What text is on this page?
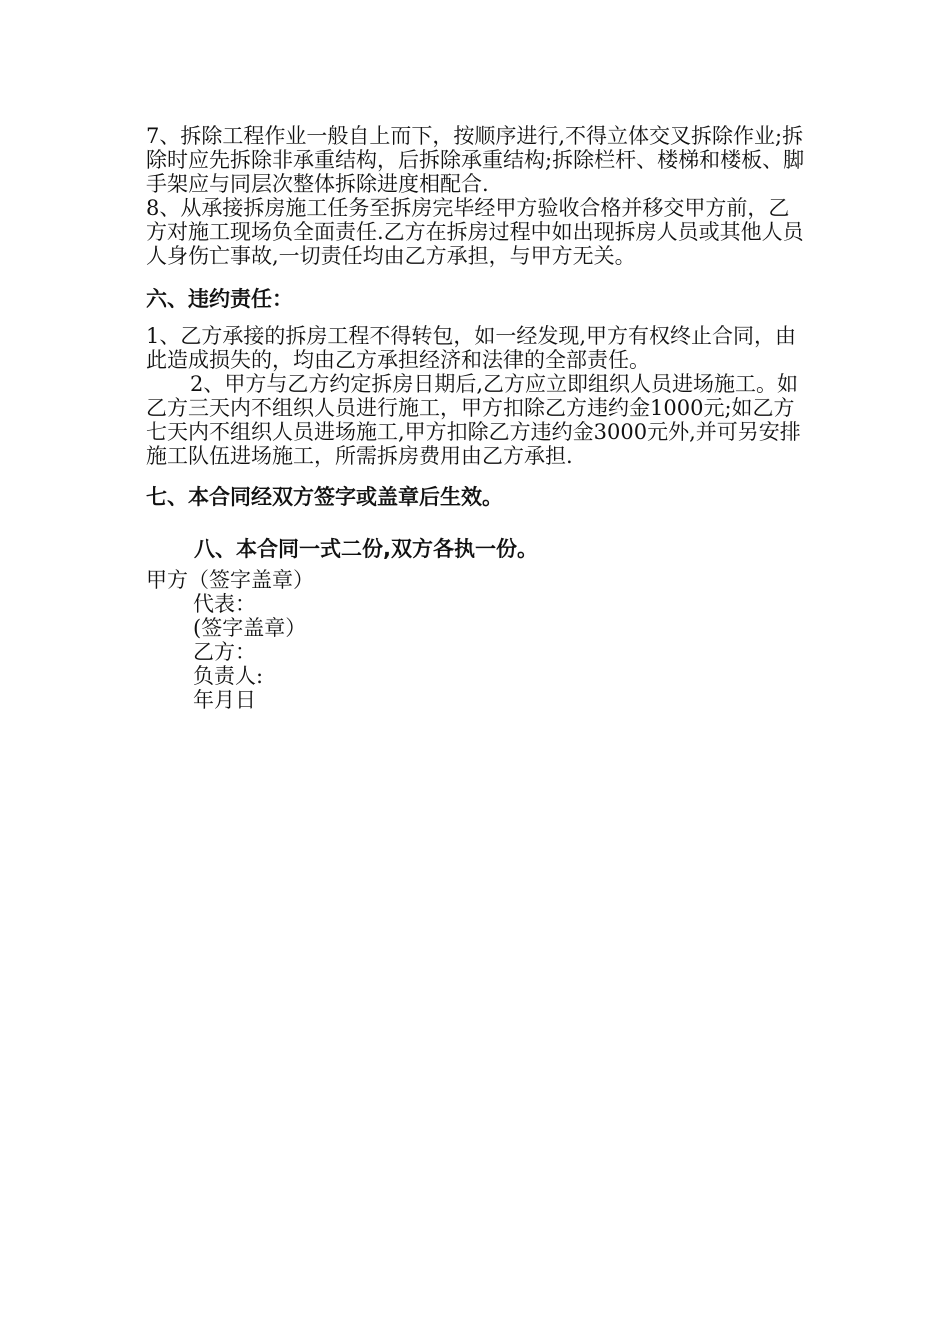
7、拆除工程作业一般自上而下，按顺序进行,不得立体交叉拆除作业;拆除时应先拆除非承重结构，后拆除承重结构;拆除栏杆、楼梯和楼板、脚手架应与同层次整体拆除进度相配合.

8、从承接拆房施工任务至拆房完毕经甲方验收合格并移交甲方前，乙方对施工现场负全面责任.乙方在拆房过程中如出现拆房人员或其他人员人身伤亡事故,一切责任均由乙方承担，与甲方无关。

六、违约责任：

1、乙方承接的拆房工程不得转包，如一经发现,甲方有权终止合同，由此造成损失的，均由乙方承担经济和法律的全部责任。

2、甲方与乙方约定拆房日期后,乙方应立即组织人员进场施工。如乙方三天内不组织人员进行施工，甲方扣除乙方违约金1000元;如乙方七天内不组织人员进场施工,甲方扣除乙方违约金3000元外,并可另安排施工队伍进场施工，所需拆房费用由乙方承担.

七、本合同经双方签字或盖章后生效。

八、本合同一式二份,双方各执一份。

甲方（签字盖章）

代表：

(签字盖章）

乙方：

负责人:

年月日
